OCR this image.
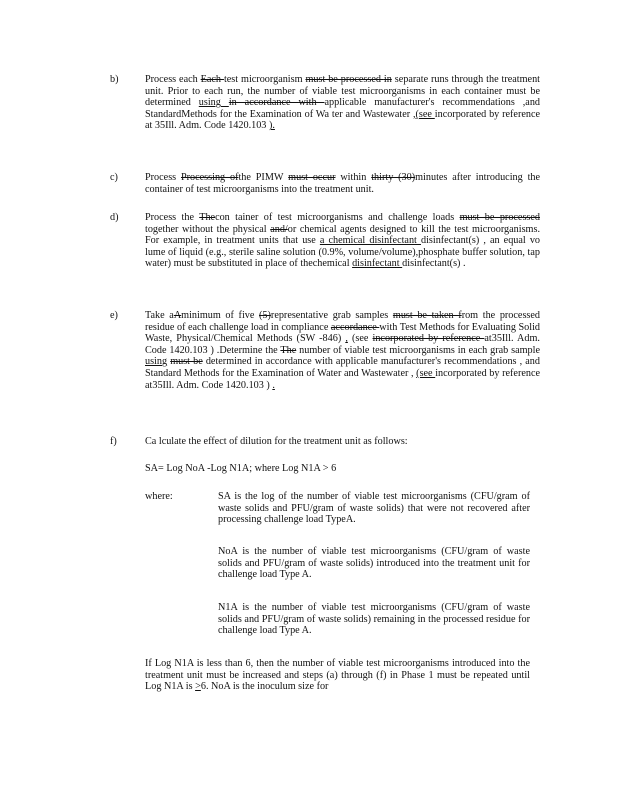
b)	Process each Each test microorganism must be processed in separate runs through the treatment unit. Prior to each run, the number of viable test microorganisms in each container must be determined using in accordance with applicable manufacturer's recommendations ,and StandardMethods for the Examination of Wa ter and Wastewater ,(see incorporated by reference at 35Ill. Adm. Code 1420.103 ).

c)	Process Processing ofthe PIMW must occur within thirty (30)minutes after introducing the container of test microorganisms into the treatment unit.

d)	Process the Thecon tainer of test microorganisms and challenge loads must be processed together without the physical and/or chemical agents designed to kill the test microorganisms. For example, in treatment units that use a chemical disinfectant disinfectant(s) , an equal vo lume of liquid (e.g., sterile saline solution (0.9%, volume/volume),phosphate buffer solution, tap water) must be substituted in place of thechemical disinfectant disinfectant(s) .

e)	Take aAminimum of five (5)representative grab samples must be taken from the processed residue of each challenge load in compliance accordance with Test Methods for Evaluating Solid Waste, Physical/Chemical Methods (SW -846) , (see incorporated by reference at35Ill. Adm. Code 1420.103 ) .Determine the The number of viable test microorganisms in each grab sample using must be determined in accordance with applicable manufacturer's recommendations , and Standard Methods for the Examination of Water and Wastewater , (see incorporated by reference at35Ill. Adm. Code 1420.103 ) .

f)	Ca lculate the effect of dilution for the treatment unit as follows:

SA= Log NoA -Log N1A; where Log N1A > 6
where:	SA is the log of the number of viable test microorganisms (CFU/gram of waste solids and PFU/gram of waste solids) that were not recovered after processing challenge load TypeA.
NoA is the number of viable test microorganisms (CFU/gram of waste solids and PFU/gram of waste solids) introduced into the treatment unit for challenge load Type A.
N1A is the number of viable test microorganisms (CFU/gram of waste solids and PFU/gram of waste solids) remaining in the processed residue for challenge load Type A.

If Log N1A is less than 6, then the number of viable test microorganisms introduced into the treatment unit must be increased and steps (a) through (f) in Phase 1 must be repeated until Log N1A is >6. NoA is the inoculum size for
